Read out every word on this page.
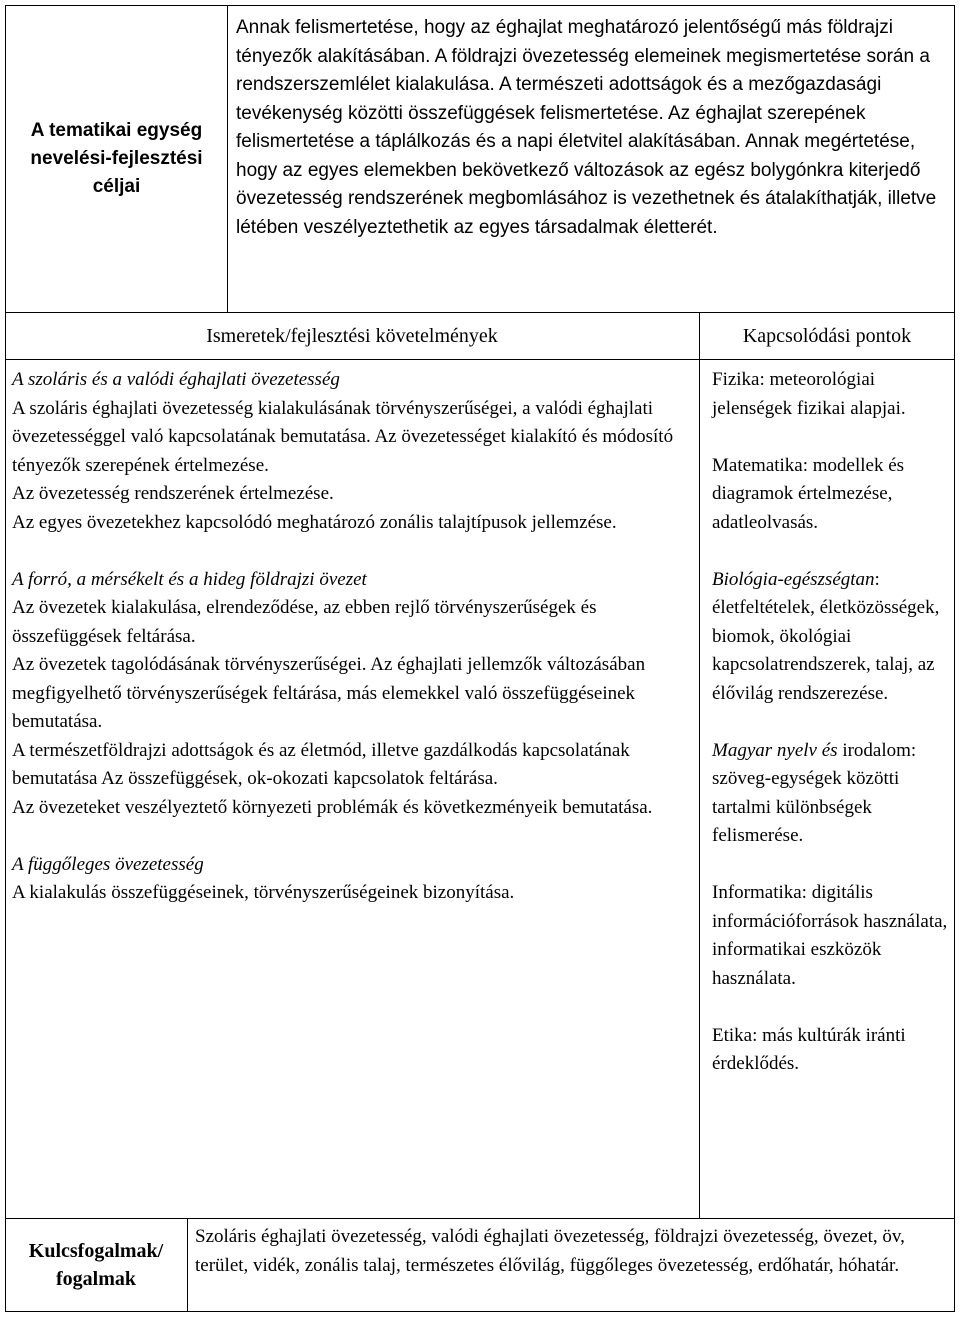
A tematikai egység nevelési-fejlesztési céljai
Annak felismertetése, hogy az éghajlat meghatározó jelentőségű más földrajzi tényezők alakításában. A földrajzi övezetesség elemeinek megismertetése során a rendszerszemlélet kialakulása. A természeti adottságok és a mezőgazdasági tevékenység közötti összefüggések felismertetése. Az éghajlat szerepének felismertetése a táplálkozás és a napi életvitel alakításában. Annak megértetése, hogy az egyes elemekben bekövetkező változások az egész bolygónkra kiterjedő övezetesség rendszerének megbomlásához is vezethetnek és átalakíthatják, illetve létében veszélyeztethetik az egyes társadalmak életterét.
Ismeretek/fejlesztési követelmények	Kapcsolódási pontok
A szoláris és a valódi éghajlati övezetesség
A szoláris éghajlati övezetesség kialakulásának törvényszerűségei, a valódi éghajlati övezetességgel való kapcsolatának bemutatása. Az övezetességet kialakító és módosító tényezők szerepének értelmezése.
Az övezetesség rendszerének értelmezése.
Az egyes övezetekhez kapcsolódó meghatározó zonális talajtípusok jellemzése.
A forró, a mérsékelt és a hideg földrajzi övezet
Az övezetek kialakulása, elrendeződése, az ebben rejlő törvényszerűségek és összefüggések feltárása.
Az övezetek tagolódásának törvényszerűségei. Az éghajlati jellemzők változásában megfigyelhető törvényszerűségek feltárása, más elemekkel való összefüggéseinek bemutatása.
A természetföldrajzi adottságok és az életmód, illetve gazdálkodás kapcsolatának bemutatása Az összefüggések, ok-okozati kapcsolatok feltárása.
Az övezeteket veszélyeztető környezeti problémák és következményeik bemutatása.
A függőleges övezetesség
A kialakulás összefüggéseinek, törvényszerűségeinek bizonyítása.
Fizika: meteorológiai jelenségek fizikai alapjai.
Matematika: modellek és diagramok értelmezése, adatleolvasás.
Biológia-egészségtan: életfeltételek, életközösségek, biomok, ökológiai kapcsolatrendszerek, talaj, az élővilág rendszerezése.
Magyar nyelv és irodalom: szöveg-egységek közötti tartalmi különbségek felismerése.
Informatika: digitális információforrások használata, informatikai eszközök használata.
Etika: más kultúrák iránti érdeklődés.
Kulcsfogalmak/ fogalmak
Szoláris éghajlati övezetesség, valódi éghajlati övezetesség, földrajzi övezetesség, övezet, öv, terület, vidék, zonális talaj, természetes élővilág, függőleges övezetesség, erdőhatár, hóhatár.
